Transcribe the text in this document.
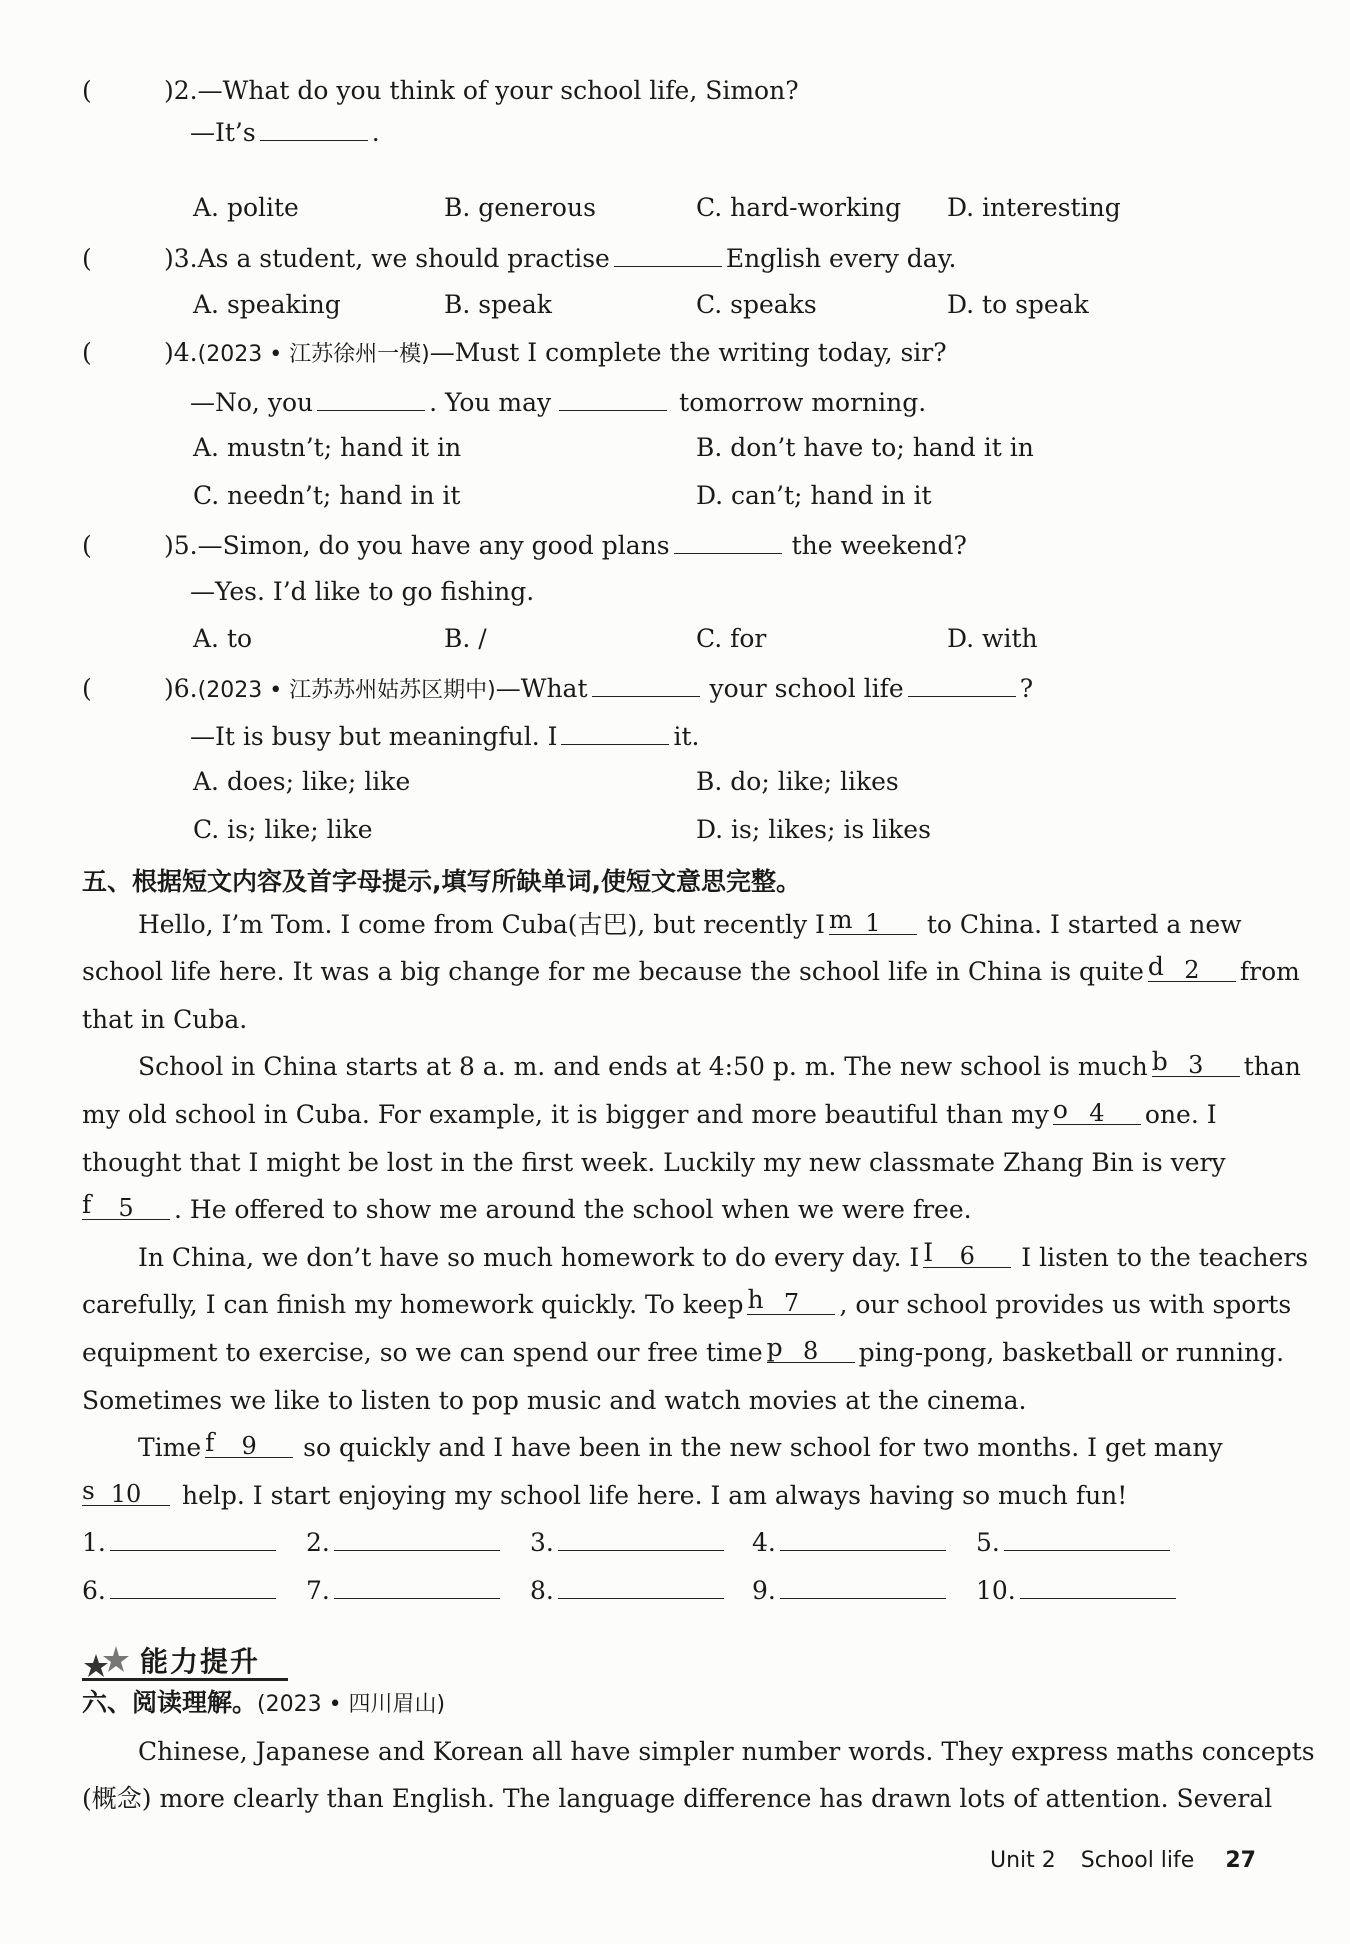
(	)2.—What do you think of your school life, Simon?
—It’s	.
A. polite	B. generous	C. hard-working D. interesting
(	)3.As a student, we should practise	English every day.
A. speaking	B. speak	C. speaks	D. to speak
(	)4.(2023 • 江苏徐州一模)—Must I complete the writing today, sir?
—No, you	. You may	tomorrow morning.
A. mustn’t; hand it in	B. don’t have to; hand it in
C. needn’t; hand in it	D. can’t; hand in it
(	)5.—Simon, do you have any good plans	the weekend?
—Yes. I’d like to go fishing.
A. to	B. /	C. for	D. with
(	)6.(2023 • 江苏苏州姑苏区期中)—What	your school life	?
—It is busy but meaningful. I	it.
A. does; like; like	B. do; like; likes
C. is; like; like	D. is; likes; is likes
五、根据短文内容及首字母提示,填写所缺单词,使短文意思完整。
Hello, I’m Tom. I come from Cuba(古巴), but recently I m 1 to China. I started a new
school life here. It was a big change for me because the school life in China is quite d 2 from
that in Cuba.
School in China starts at 8 a. m. and ends at 4:50 p. m. The new school is much b 3 than
my old school in Cuba. For example, it is bigger and more beautiful than my o 4 one. I
thought that I might be lost in the first week. Luckily my new classmate Zhang Bin is very
f 5 . He offered to show me around the school when we were free.
In China, we don’t have so much homework to do every day. I I 6 I listen to the teachers
carefully, I can finish my homework quickly. To keep h 7 , our school provides us with sports
equipment to exercise, so we can spend our free time p 8 ping-pong, basketball or running.
Sometimes we like to listen to pop music and watch movies at the cinema.
Time f 9 so quickly and I have been in the new school for two months. I get many
s 10 help. I start enjoying my school life here. I am always having so much fun!
1.	2.	3.	4.	5.
6.	7.	8.	9.	10.
能力提升
六、阅读理解。(2023 • 四川眉山)
Chinese, Japanese and Korean all have simpler number words. They express maths concepts
(概念) more clearly than English. The language difference has drawn lots of attention. Several
Unit 2 School life 27
